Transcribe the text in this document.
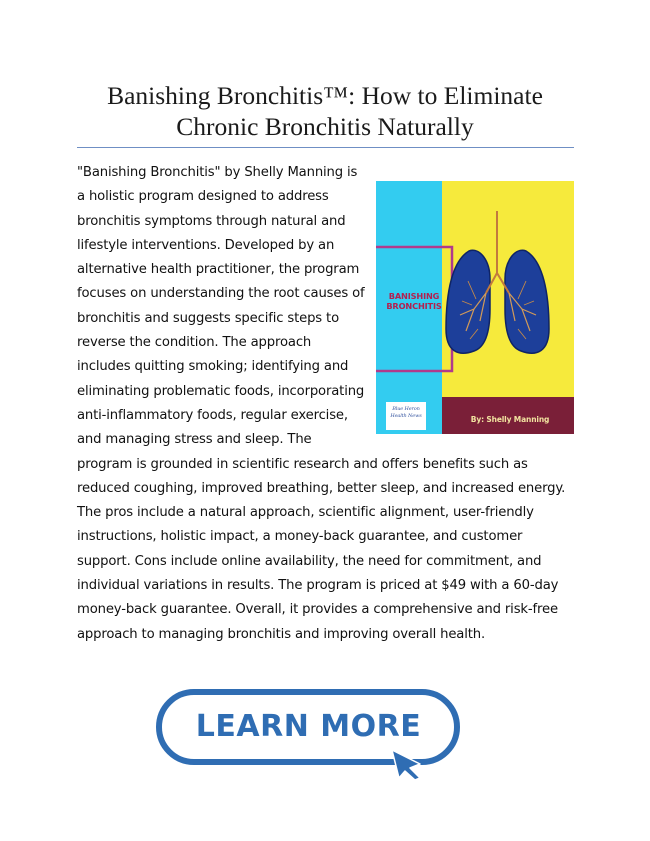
Banishing Bronchitis™: How to Eliminate
Chronic Bronchitis Naturally
BANISHING
BRONCHITIS
By: Shelly Manning
Blue Heron
Health News
"Banishing Bronchitis" by Shelly Manning is a holistic program designed to address bronchitis symptoms through natural and lifestyle interventions. Developed by an alternative health practitioner, the program focuses on understanding the root causes of bronchitis and suggests specific steps to reverse the condition. The approach includes quitting smoking; identifying and eliminating problematic foods, incorporating anti-inflammatory foods, regular exercise, and managing stress and sleep. The program is grounded in scientific research and offers benefits such as reduced coughing, improved breathing, better sleep, and increased energy. The pros include a natural approach, scientific alignment, user-friendly instructions, holistic impact, a money-back guarantee, and customer support. Cons include online availability, the need for commitment, and individual variations in results. The program is priced at $49 with a 60-day money-back guarantee. Overall, it provides a comprehensive and risk-free approach to managing bronchitis and improving overall health.
LEARN MORE
